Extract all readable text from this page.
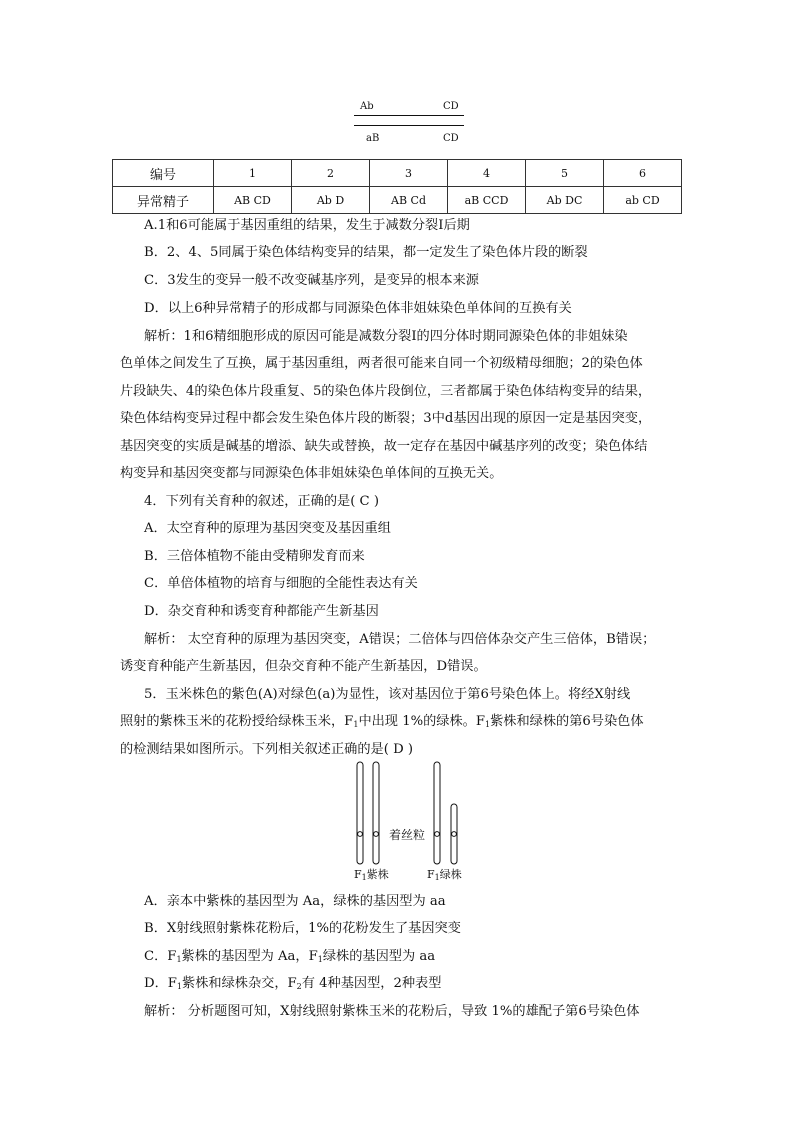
Ab	CD
aB	CD
编号	1	2	3	4	5	6
异常精子	AB CD	Ab D	AB Cd	aB CCD	Ab DC	ab CD
A.1和6可能属于基因重组的结果，发生于减数分裂Ⅰ后期
B．2、4、5同属于染色体结构变异的结果，都一定发生了染色体片段的断裂
C．3发生的变异一般不改变碱基序列，是变异的根本来源
D．以上6种异常精子的形成都与同源染色体非姐妹染色单体间的互换有关
解析：1和6精细胞形成的原因可能是减数分裂Ⅰ的四分体时期同源染色体的非姐妹染
色单体之间发生了互换，属于基因重组，两者很可能来自同一个初级精母细胞；2的染色体
片段缺失、4的染色体片段重复、5的染色体片段倒位，三者都属于染色体结构变异的结果，
染色体结构变异过程中都会发生染色体片段的断裂；3中d基因出现的原因一定是基因突变，
基因突变的实质是碱基的增添、缺失或替换，故一定存在基因中碱基序列的改变；染色体结
构变异和基因突变都与同源染色体非姐妹染色单体间的互换无关。
4．下列有关育种的叙述，正确的是( C )
A．太空育种的原理为基因突变及基因重组
B．三倍体植物不能由受精卵发育而来
C．单倍体植物的培育与细胞的全能性表达有关
D．杂交育种和诱变育种都能产生新基因
解析： 太空育种的原理为基因突变，A错误；二倍体与四倍体杂交产生三倍体，B错误；
诱变育种能产生新基因，但杂交育种不能产生新基因，D错误。
5．玉米株色的紫色(A)对绿色(a)为显性，该对基因位于第6号染色体上。将经X射线
照射的紫株玉米的花粉授给绿株玉米，$F_1$中出现 1%的绿株。$F_1$紫株和绿株的第6号染色体
的检测结果如图所示。下列相关叙述正确的是( D )
着丝粒
$F_1$紫株	$F_1$绿株
A．亲本中紫株的基因型为 Aa，绿株的基因型为 aa
B．X射线照射紫株花粉后，1%的花粉发生了基因突变
C．$F_1$紫株的基因型为 Aa，$F_1$绿株的基因型为 aa
D．$F_1$紫株和绿株杂交，$F_2$有 4种基因型，2种表型
解析： 分析题图可知，X射线照射紫株玉米的花粉后，导致 1%的雄配子第6号染色体
